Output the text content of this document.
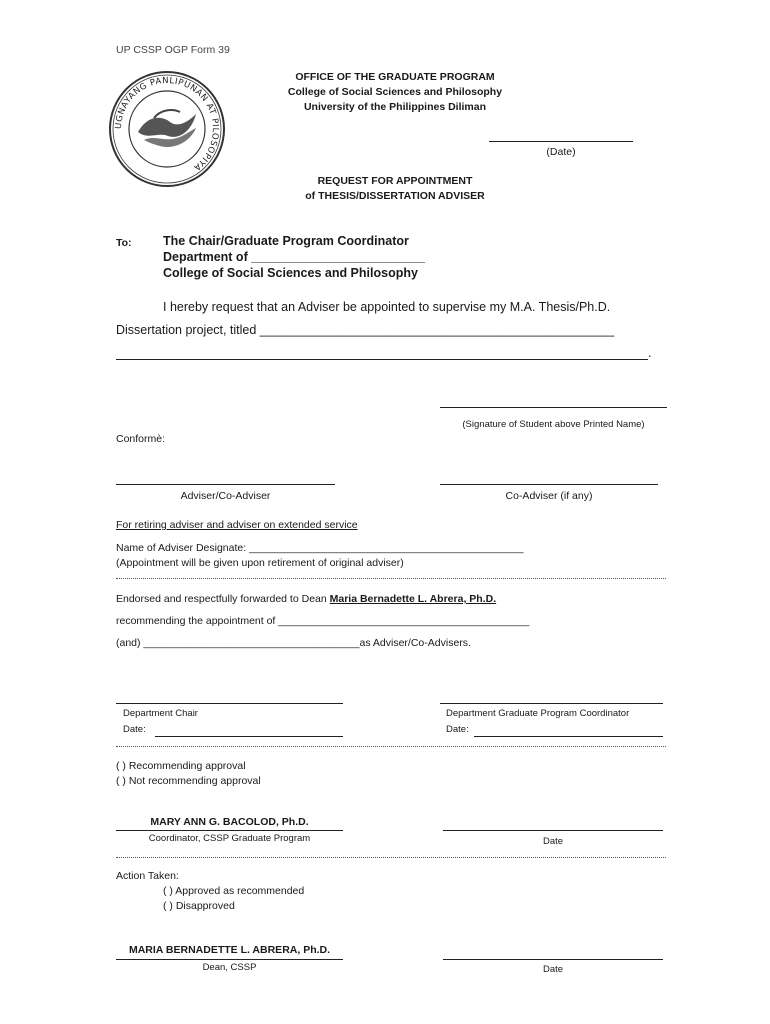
UP CSSP OGP Form 39
UGNAYANG PANLIPUNAN AT PILOSOPIYA
OFFICE OF THE GRADUATE PROGRAM
College of Social Sciences and Philosophy
University of the Philippines Diliman
(Date)
REQUEST FOR APPOINTMENT
of THESIS/DISSERTATION ADVISER
To:	The Chair/Graduate Program Coordinator
Department of _________________________
College of Social Sciences and Philosophy
I hereby request that an Adviser be appointed to supervise my M.A. Thesis/Ph.D.
Dissertation project, titled ___________________________________________________
.
(Signature of Student above Printed Name)
Conformè:
Adviser/Co-Adviser	Co-Adviser (if any)
For retiring adviser and adviser on extended service
Name of Adviser Designate: _______________________________________________
(Appointment will be given upon retirement of original adviser)
Endorsed and respectfully forwarded to Dean Maria Bernadette L. Abrera, Ph.D.
recommending the appointment of ___________________________________________
(and) _____________________________________as Adviser/Co-Advisers.
Department Chair
Date:
Department Graduate Program Coordinator
Date:
( ) Recommending approval
( ) Not recommending approval
MARY ANN G. BACOLOD, Ph.D.
Coordinator, CSSP Graduate Program	Date
Action Taken:
( ) Approved as recommended
( ) Disapproved
MARIA BERNADETTE L. ABRERA, Ph.D.
Dean, CSSP	Date
